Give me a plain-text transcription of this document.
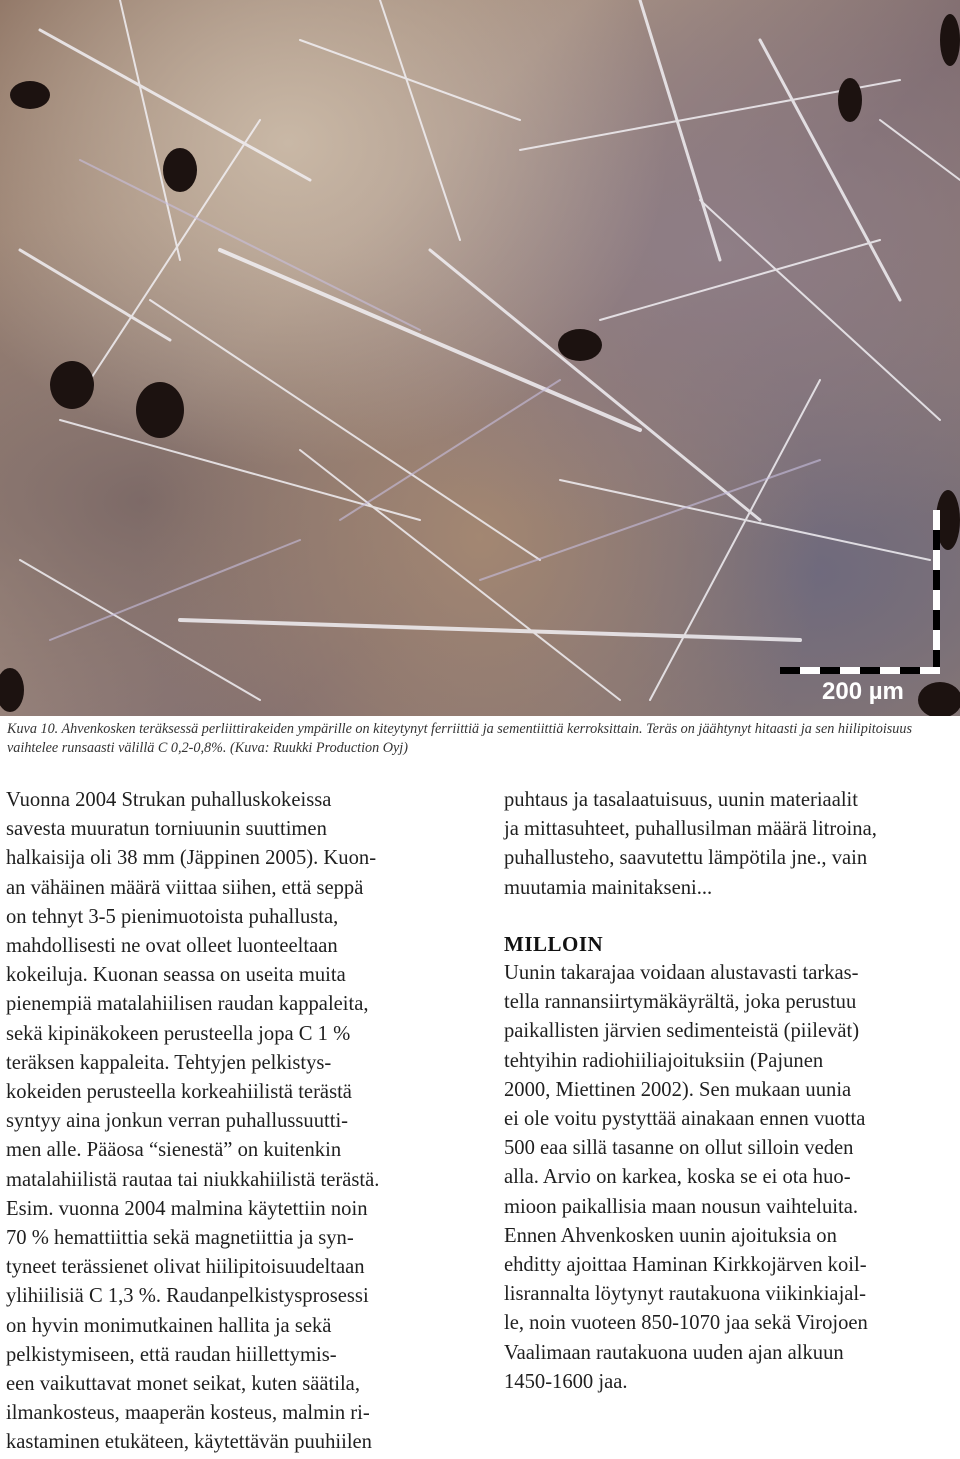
200 µm
Kuva 10. Ahvenkosken teräksessä perliittirakeiden ympärille on kiteytynyt ferriittiä ja sementiittiä kerroksittain. Teräs on jäähtynyt hitaasti ja sen hiilipitoisuus vaihtelee runsaasti välillä C 0,2-0,8%. (Kuva: Ruukki Production Oyj)

Vuonna 2004 Strukan puhalluskokeissa
savesta muuratun torniuunin suuttimen
halkaisija oli 38 mm (Jäppinen 2005). Kuon-
an vähäinen määrä viittaa siihen, että seppä
on tehnyt 3-5 pienimuotoista puhallusta,
mahdollisesti ne ovat olleet luonteeltaan
kokeiluja. Kuonan seassa on useita muita
pienempiä matalahiilisen raudan kappaleita,
sekä kipinäkokeen perusteella jopa C 1 %
teräksen kappaleita. Tehtyjen pelkistys-
kokeiden perusteella korkeahiilistä terästä
syntyy aina jonkun verran puhallussuutti-
men alle. Pääosa “sienestä” on kuitenkin
matalahiilistä rautaa tai niukkahiilistä terästä.
Esim. vuonna 2004 malmina käytettiin noin
70 % hemattiittia sekä magnetiittia ja syn-
tyneet terässienet olivat hiilipitoisuudeltaan
ylihiilisiä C 1,3 %. Raudanpelkistysprosessi
on hyvin monimutkainen hallita ja sekä
pelkistymiseen, että raudan hiillettymis-
een vaikuttavat monet seikat, kuten säätila,
ilmankosteus, maaperän kosteus, malmin ri-
kastaminen etukäteen, käytettävän puuhiilen

puhtaus ja tasalaatuisuus, uunin materiaalit
ja mittasuhteet, puhallusilman määrä litroina,
puhallusteho, saavutettu lämpötila jne., vain
muutamia mainitakseni...

MILLOIN

Uunin takarajaa voidaan alustavasti tarkas-
tella rannansiirtymäkäyrältä, joka perustuu
paikallisten järvien sedimenteistä (piilevät)
tehtyihin radiohiiliajoituksiin (Pajunen
2000, Miettinen 2002). Sen mukaan uunia
ei ole voitu pystyttää ainakaan ennen vuotta
500 eaa sillä tasanne on ollut silloin veden
alla. Arvio on karkea, koska se ei ota huo-
mioon paikallisia maan nousun vaihteluita.
Ennen Ahvenkosken uunin ajoituksia on
ehditty ajoittaa Haminan Kirkkojärven koil-
lisrannalta löytynyt rautakuona viikinkiajal-
le, noin vuoteen 850-1070 jaa sekä Virojoen
Vaalimaan rautakuona uuden ajan alkuun
1450-1600 jaa.
